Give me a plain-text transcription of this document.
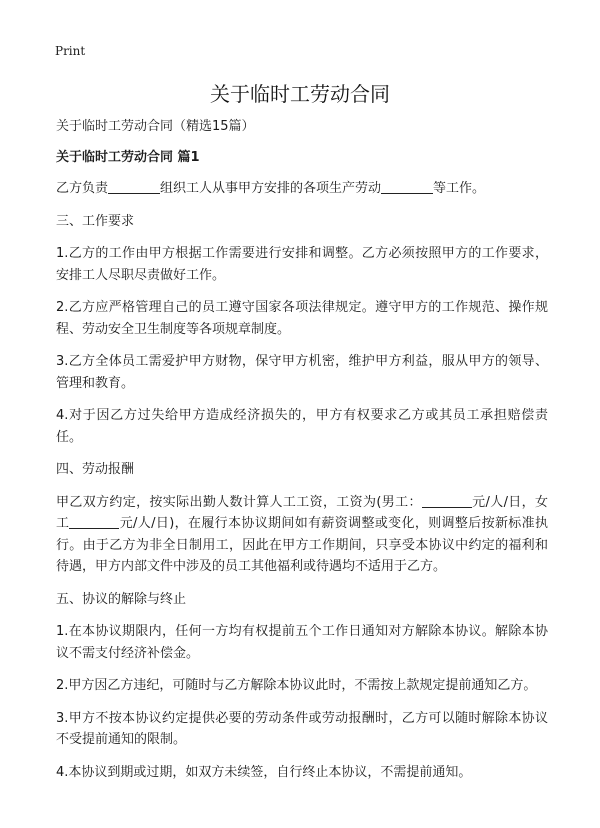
Print
关于临时工劳动合同
关于临时工劳动合同（精选15篇）
关于临时工劳动合同 篇1

乙方负责	组织工人从事甲方安排的各项生产劳动	等工作。

三、工作要求

1.乙方的工作由甲方根据工作需要进行安排和调整。乙方必须按照甲方的工作要求，安排工人尽职尽责做好工作。

2.乙方应严格管理自己的员工遵守国家各项法律规定。遵守甲方的工作规范、操作规程、劳动安全卫生制度等各项规章制度。

3.乙方全体员工需爱护甲方财物，保守甲方机密，维护甲方利益，服从甲方的领导、管理和教育。

4.对于因乙方过失给甲方造成经济损失的，甲方有权要求乙方或其员工承担赔偿责任。

四、劳动报酬

甲乙双方约定，按实际出勤人数计算人工工资，工资为(男工：	元/人/日，女工	元/人/日)，在履行本协议期间如有薪资调整或变化，则调整后按新标准执行。由于乙方为非全日制用工，因此在甲方工作期间，只享受本协议中约定的福利和待遇，甲方内部文件中涉及的员工其他福利或待遇均不适用于乙方。

五、协议的解除与终止

1.在本协议期限内，任何一方均有权提前五个工作日通知对方解除本协议。解除本协议不需支付经济补偿金。

2.甲方因乙方违纪，可随时与乙方解除本协议此时，不需按上款规定提前通知乙方。

3.甲方不按本协议约定提供必要的劳动条件或劳动报酬时，乙方可以随时解除本协议不受提前通知的限制。

4.本协议到期或过期，如双方未续签，自行终止本协议，不需提前通知。
